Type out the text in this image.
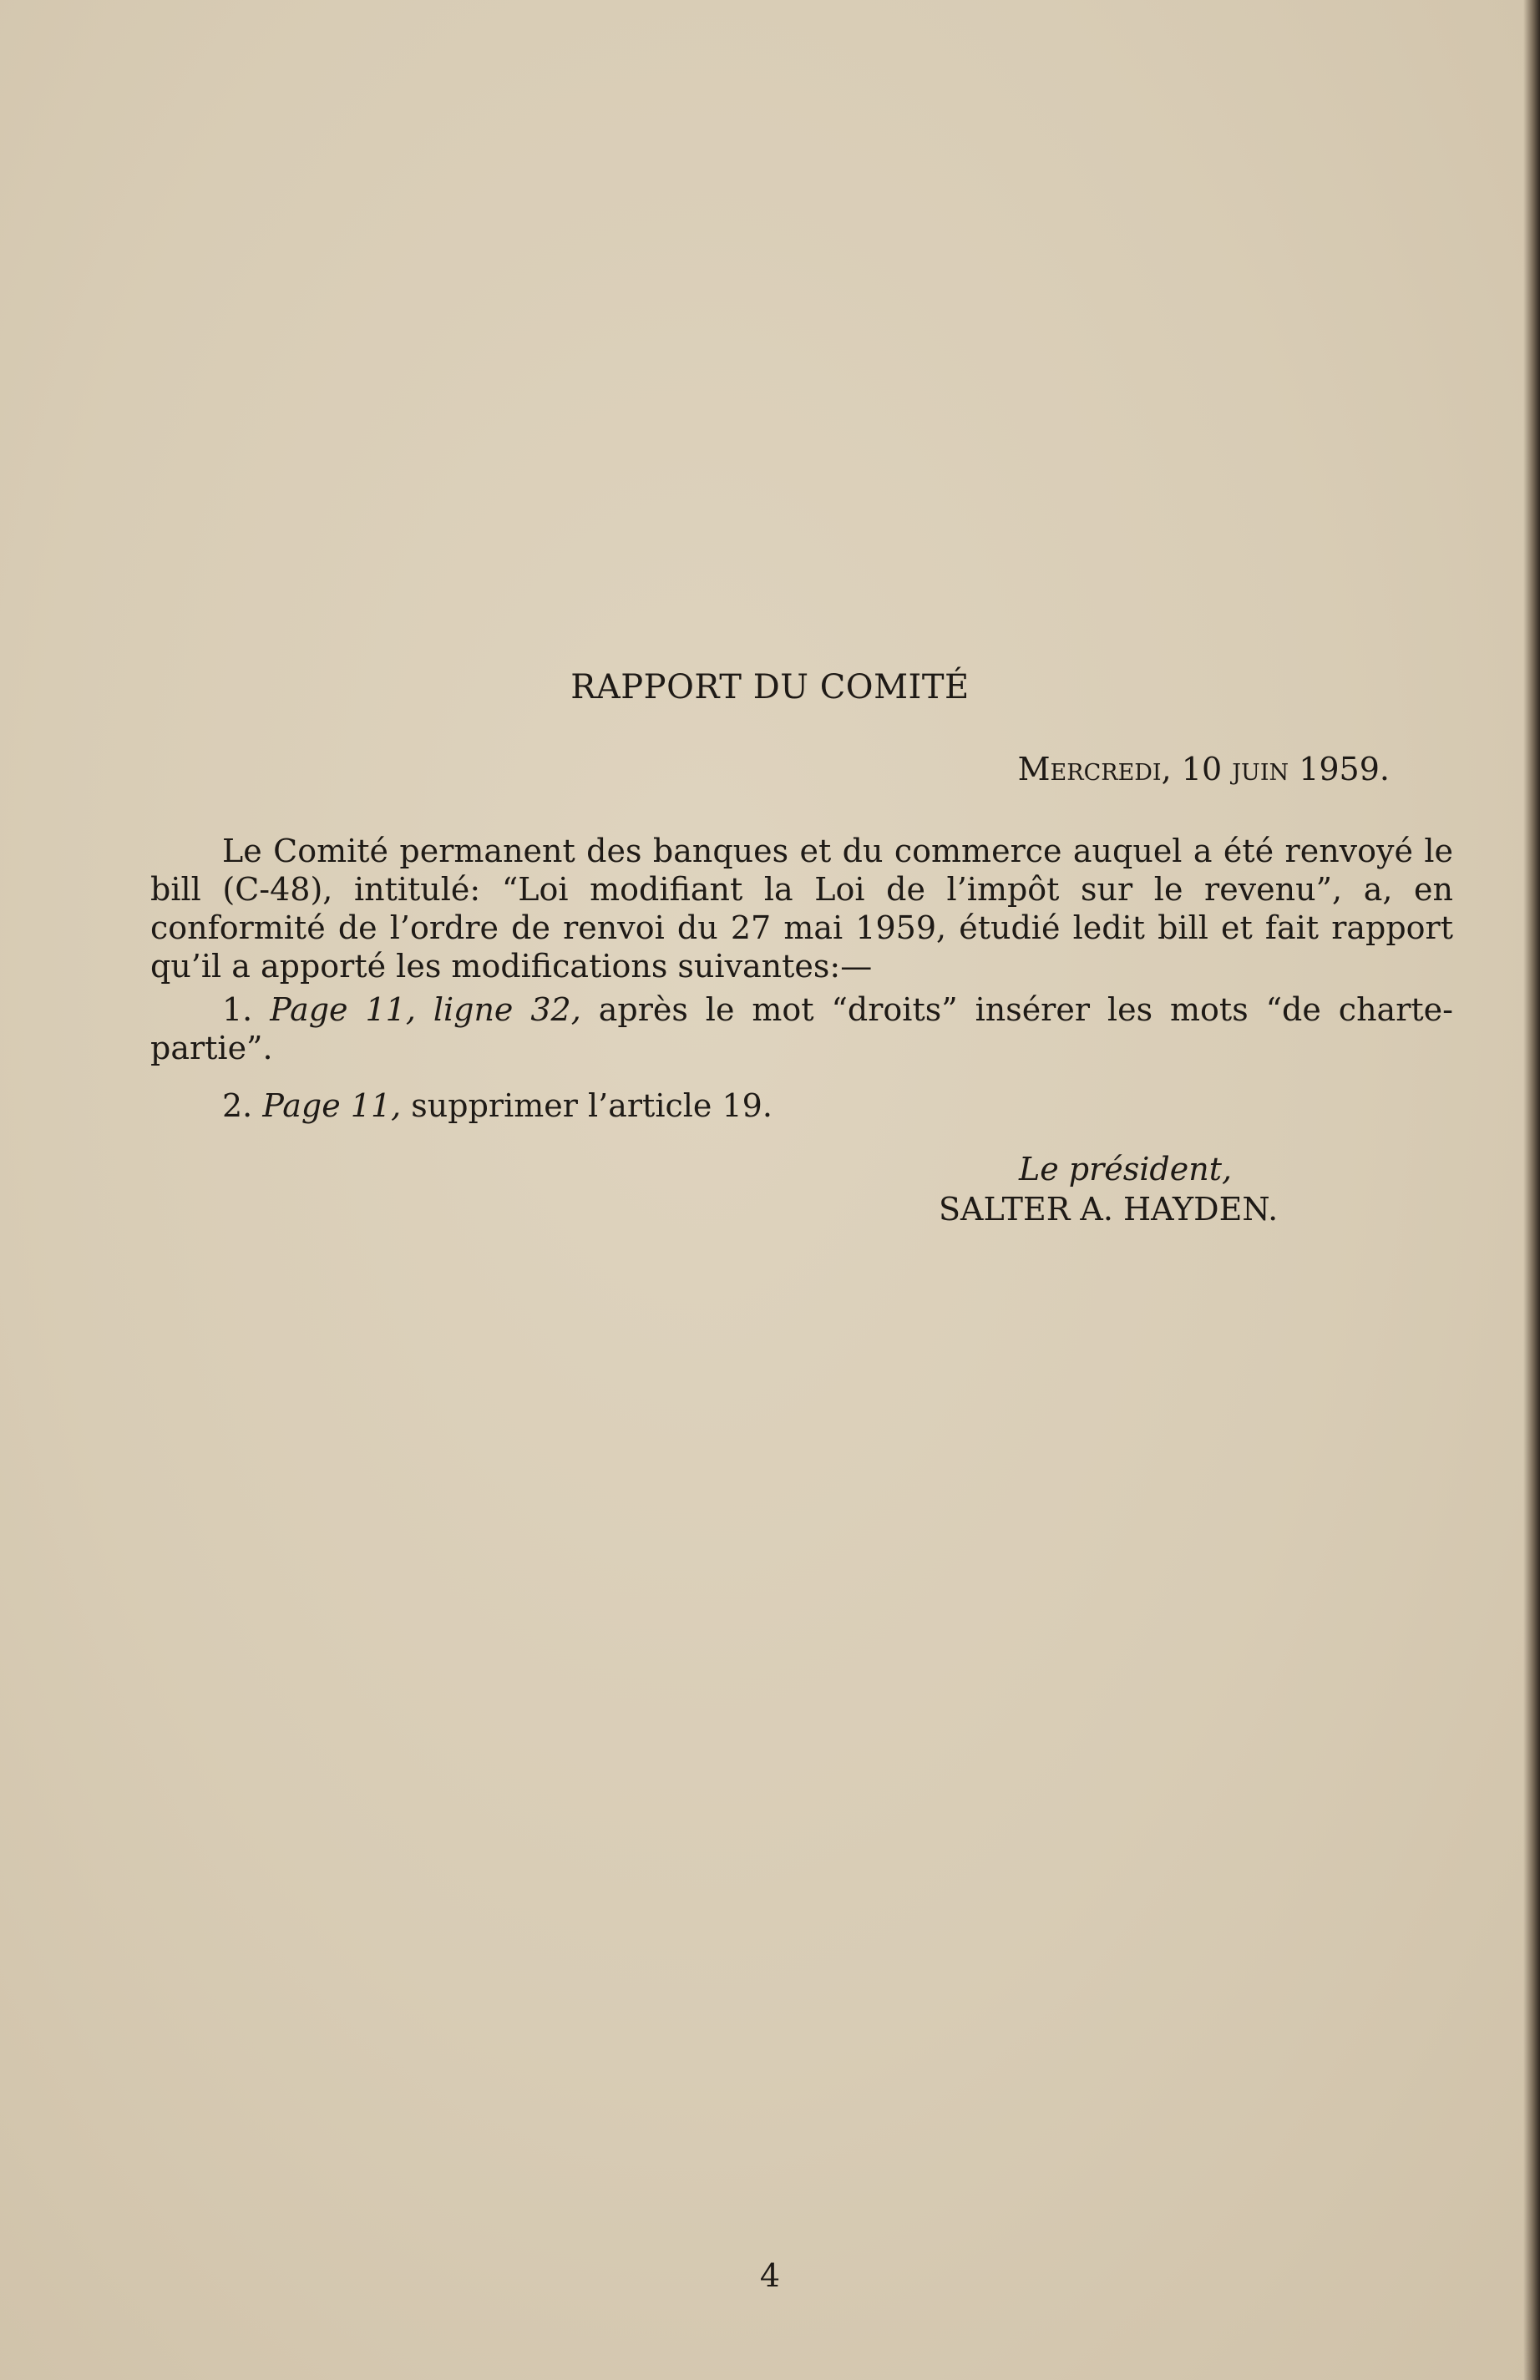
RAPPORT DU COMITÉ
Mercredi, 10 juin 1959.

Le Comité permanent des banques et du commerce auquel a été renvoyé le bill (C-48), intitulé: “Loi modifiant la Loi de l’impôt sur le revenu”, a, en conformité de l’ordre de renvoi du 27 mai 1959, étudié ledit bill et fait rapport qu’il a apporté les modifications suivantes:—

1. Page 11, ligne 32, après le mot “droits” insérer les mots “de charte-partie”.

2. Page 11, supprimer l’article 19.

Le président,
SALTER A. HAYDEN.
4
